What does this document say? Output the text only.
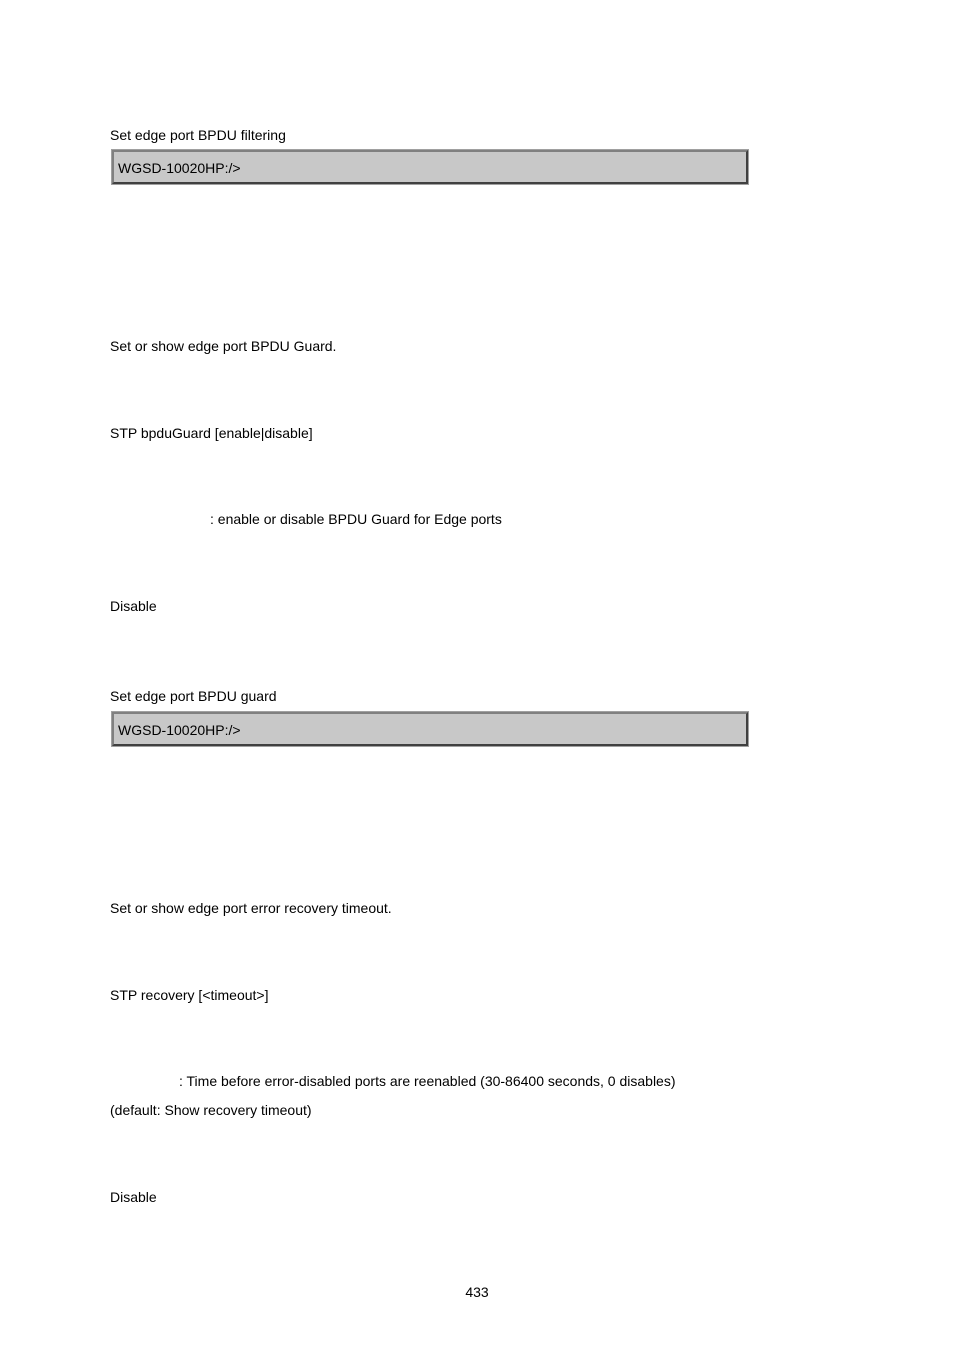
Set edge port BPDU filtering
WGSD-10020HP:/>
Set or show edge port BPDU Guard.
STP bpduGuard [enable|disable]
: enable or disable BPDU Guard for Edge ports
Disable
Set edge port BPDU guard
WGSD-10020HP:/>
Set or show edge port error recovery timeout.
STP recovery [<timeout>]
: Time before error-disabled ports are reenabled (30-86400 seconds, 0 disables)
(default: Show recovery timeout)
Disable
433
